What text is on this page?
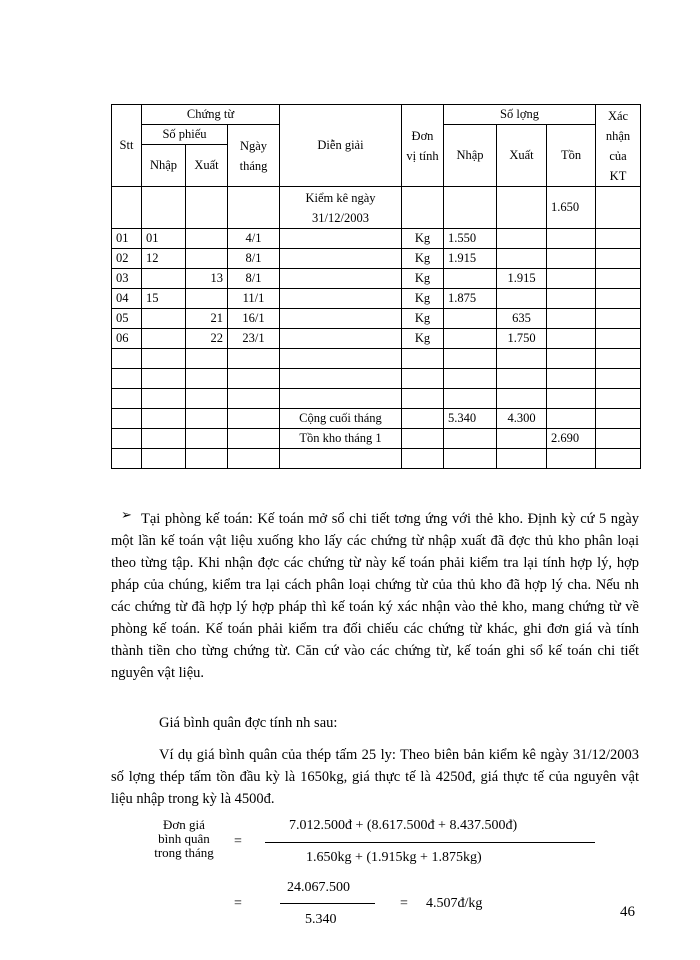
Stt	Chứng từ			Diễn giải	Đơn vị tính	Số lợng			Xác nhận của KT
	Số phiếu		Ngày tháng			Nhập	Xuất	Tồn	
	Nhập	Xuất							
				Kiểm kê ngày 31/12/2003				1.650	
01	01		4/1		Kg	1.550			
02	12		8/1		Kg	1.915			
03		13	8/1		Kg		1.915		
04	15		11/1		Kg	1.875			
05		21	16/1		Kg		635		
06		22	23/1		Kg		1.750		

				Cộng cuối tháng		5.340	4.300		
				Tồn kho tháng 1				2.690	

➢ Tại phòng kế toán: Kế toán mở sổ chi tiết tơng ứng với thẻ kho. Định kỳ cứ 5 ngày một lần kế toán vật liệu xuống kho lấy các chứng từ nhập xuất đã đợc thủ kho phân loại theo từng tập. Khi nhận đợc các chứng từ này kế toán phải kiểm tra lại tính hợp lý, hợp pháp của chúng, kiểm tra lại cách phân loại chứng từ của thủ kho đã hợp lý cha. Nếu nh các chứng từ đã hợp lý hợp pháp thì kế toán ký xác nhận vào thẻ kho, mang chứng từ về phòng kế toán. Kế toán phải kiểm tra đối chiếu các chứng từ khác, ghi đơn giá và tính thành tiền cho từng chứng từ. Căn cứ vào các chứng từ, kế toán ghi sổ kế toán chi tiết nguyên vật liệu.

Giá bình quân đợc tính nh sau:

Ví dụ giá bình quân của thép tấm 25 ly: Theo biên bản kiểm kê ngày 31/12/2003 số lợng thép tấm tồn đầu kỳ là 1650kg, giá thực tế là 4250đ, giá thực tế của nguyên vật liệu nhập trong kỳ là 4500đ.

Đơn giá
bình quân
trong tháng
=
7.012.500đ + (8.617.500đ + 8.437.500đ)
1.650kg + (1.915kg + 1.875kg)
=
24.067.500
5.340
= 4.507đ/kg
46
